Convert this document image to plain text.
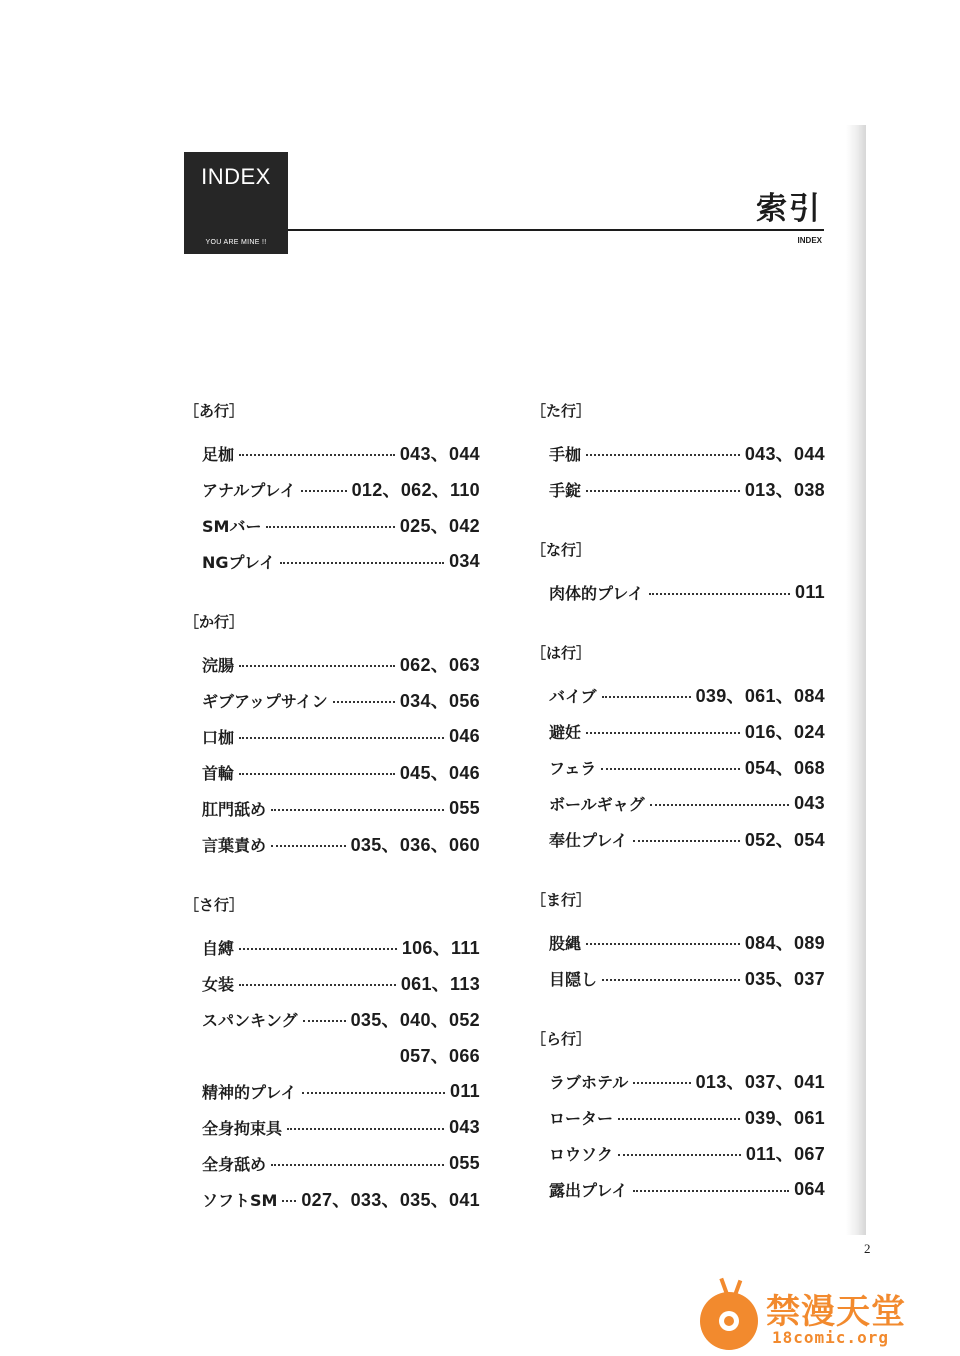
INDEX
YOU ARE MINE !!
索引
INDEX
［あ行］
足枷	043、044
アナルプレイ	012、062、110
SMバー	025、042
NGプレイ	034
［か行］
浣腸	062、063
ギブアップサイン	034、056
口枷	046
首輪	045、046
肛門舐め	055
言葉責め	035、036、060
［さ行］
自縛	106、111
女装	061、113
スパンキング	035、040、052
057、066
精神的プレイ	011
全身拘束具	043
全身舐め	055
ソフトSM 027、033、035、041
［た行］
手枷	043、044
手錠	013、038
［な行］
肉体的プレイ	011
［は行］
バイブ	039、061、084
避妊	016、024
フェラ	054、068
ボールギャグ	043
奉仕プレイ	052、054
［ま行］
股縄	084、089
目隠し	035、037
［ら行］
ラブホテル	013、037、041
ローター	039、061
ロウソク	011、067
露出プレイ	064
2
禁漫天堂
18comic.org
